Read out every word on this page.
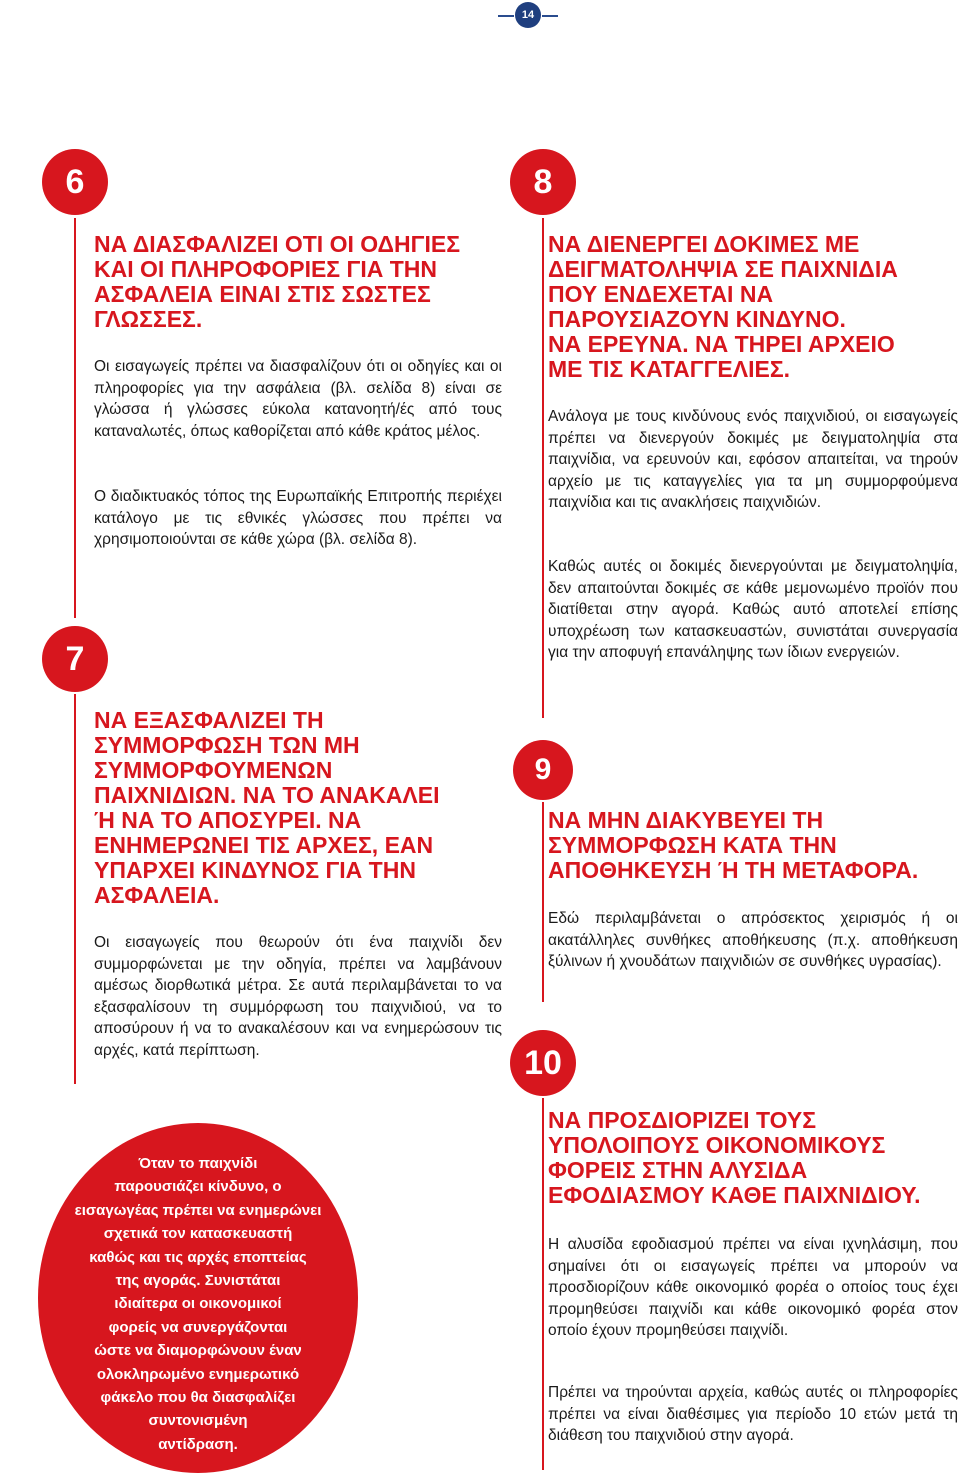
14
6
ΝΑ ΔΙΑΣΦΑΛΙΖΕΙ ΟΤΙ ΟΙ ΟΔΗΓΙΕΣ
ΚΑΙ ΟΙ ΠΛΗΡΟΦΟΡΙΕΣ ΓΙΑ ΤΗΝ
ΑΣΦΑΛΕΙΑ ΕΙΝΑΙ ΣΤΙΣ ΣΩΣΤΕΣ
ΓΛΩΣΣΕΣ.

Οι εισαγωγείς πρέπει να διασφαλίζουν ότι οι οδηγίες και οι πληροφορίες για την ασφάλεια (βλ. σελίδα 8) είναι σε γλώσσα ή γλώσσες εύκολα κατανοητή/ές από τους καταναλωτές, όπως καθορίζεται από κάθε κράτος μέλος.

Ο διαδικτυακός τόπος της Ευρωπαϊκής Επιτροπής περιέχει κατάλογο με τις εθνικές γλώσσες που πρέπει να χρησιμοποιούνται σε κάθε χώρα (βλ. σελίδα 8).

7
ΝΑ ΕΞΑΣΦΑΛΙΖΕΙ ΤΗ
ΣΥΜΜΟΡΦΩΣΗ ΤΩΝ ΜΗ
ΣΥΜΜΟΡΦΟΥΜΕΝΩΝ
ΠΑΙΧΝΙΔΙΩΝ. ΝΑ ΤΟ ΑΝΑΚΑΛΕΙ
Ή ΝΑ ΤΟ ΑΠΟΣΥΡΕΙ. ΝΑ
ΕΝΗΜΕΡΩΝΕΙ ΤΙΣ ΑΡΧΕΣ, ΕΑΝ
ΥΠΑΡΧΕΙ ΚΙΝΔΥΝΟΣ ΓΙΑ ΤΗΝ
ΑΣΦΑΛΕΙΑ.

Οι εισαγωγείς που θεωρούν ότι ένα παιχνίδι δεν συμμορφώνεται με την οδηγία, πρέπει να λαμβάνουν αμέσως διορθωτικά μέτρα. Σε αυτά περιλαμβάνεται το να εξασφαλίσουν τη συμμόρφωση του παιχνιδιού, να το αποσύρουν ή να το ανακαλέσουν και να ενημερώσουν τις αρχές, κατά περίπτωση.

8
ΝΑ ΔΙΕΝΕΡΓΕΙ ΔΟΚΙΜΕΣ ΜΕ
ΔΕΙΓΜΑΤΟΛΗΨΙΑ ΣΕ ΠΑΙΧΝΙΔΙΑ
ΠΟΥ ΕΝΔΕΧΕΤΑΙ ΝΑ
ΠΑΡΟΥΣΙΑΖΟΥΝ ΚΙΝΔΥΝΟ.
ΝΑ ΕΡΕΥΝΑ. ΝΑ ΤΗΡΕΙ ΑΡΧΕΙΟ
ΜΕ ΤΙΣ ΚΑΤΑΓΓΕΛΙΕΣ.

Ανάλογα με τους κινδύνους ενός παιχνιδιού, οι εισαγωγείς πρέπει να διενεργούν δοκιμές με δειγματοληψία στα παιχνίδια, να ερευνούν και, εφόσον απαιτείται, να τηρούν αρχείο με τις καταγγελίες για τα μη συμμορφούμενα παιχνίδια και τις ανακλήσεις παιχνιδιών.

Καθώς αυτές οι δοκιμές διενεργούνται με δειγματοληψία, δεν απαιτούνται δοκιμές σε κάθε μεμονωμένο προϊόν που διατίθεται στην αγορά. Καθώς αυτό αποτελεί επίσης υποχρέωση των κατασκευαστών, συνιστάται συνεργασία για την αποφυγή επανάληψης των ίδιων ενεργειών.

9
ΝΑ ΜΗΝ ΔΙΑΚΥΒΕΥΕΙ ΤΗ
ΣΥΜΜΟΡΦΩΣΗ ΚΑΤΑ ΤΗΝ
ΑΠΟΘΗΚΕΥΣΗ Ή ΤΗ ΜΕΤΑΦΟΡΑ.

Εδώ περιλαμβάνεται ο απρόσεκτος χειρισμός ή οι ακατάλληλες συνθήκες αποθήκευσης (π.χ. αποθήκευση ξύλινων ή χνουδάτων παιχνιδιών σε συνθήκες υγρασίας).

10
ΝΑ ΠΡΟΣΔΙΟΡΙΖΕΙ ΤΟΥΣ
ΥΠΟΛΟΙΠΟΥΣ ΟΙΚΟΝΟΜΙΚΟΥΣ
ΦΟΡΕΙΣ ΣΤΗΝ ΑΛΥΣΙΔΑ
ΕΦΟΔΙΑΣΜΟΥ ΚΑΘΕ ΠΑΙΧΝΙΔΙΟΥ.

Η αλυσίδα εφοδιασμού πρέπει να είναι ιχνηλάσιμη, που σημαίνει ότι οι εισαγωγείς πρέπει να μπορούν να προσδιορίζουν κάθε οικονομικό φορέα ο οποίος τους έχει προμηθεύσει παιχνίδι και κάθε οικονομικό φορέα στον οποίο έχουν προμηθεύσει παιχνίδι.

Πρέπει να τηρούνται αρχεία, καθώς αυτές οι πληροφορίες πρέπει να είναι διαθέσιμες για περίοδο 10 ετών μετά τη διάθεση του παιχνιδιού στην αγορά.

Όταν το παιχνίδι
παρουσιάζει κίνδυνο, ο
εισαγωγέας πρέπει να ενημερώνει
σχετικά τον κατασκευαστή
καθώς και τις αρχές εποπτείας
της αγοράς. Συνιστάται
ιδιαίτερα οι οικονομικοί
φορείς να συνεργάζονται
ώστε να διαμορφώνουν έναν
ολοκληρωμένο ενημερωτικό
φάκελο που θα διασφαλίζει
συντονισμένη
αντίδραση.
